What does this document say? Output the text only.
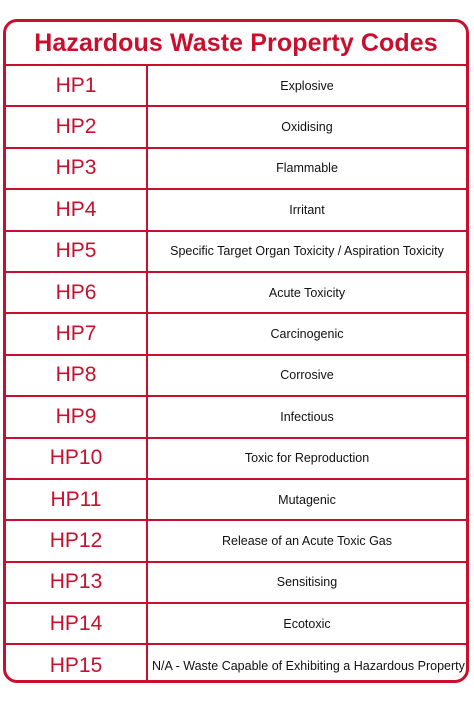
Hazardous Waste Property Codes
HP1	Explosive
HP2	Oxidising
HP3	Flammable
HP4	Irritant
HP5	Specific Target Organ Toxicity / Aspiration Toxicity
HP6	Acute Toxicity
HP7	Carcinogenic
HP8	Corrosive
HP9	Infectious
HP10	Toxic for Reproduction
HP11	Mutagenic
HP12	Release of an Acute Toxic Gas
HP13	Sensitising
HP14	Ecotoxic
HP15	N/A - Waste Capable of Exhibiting a Hazardous Property
